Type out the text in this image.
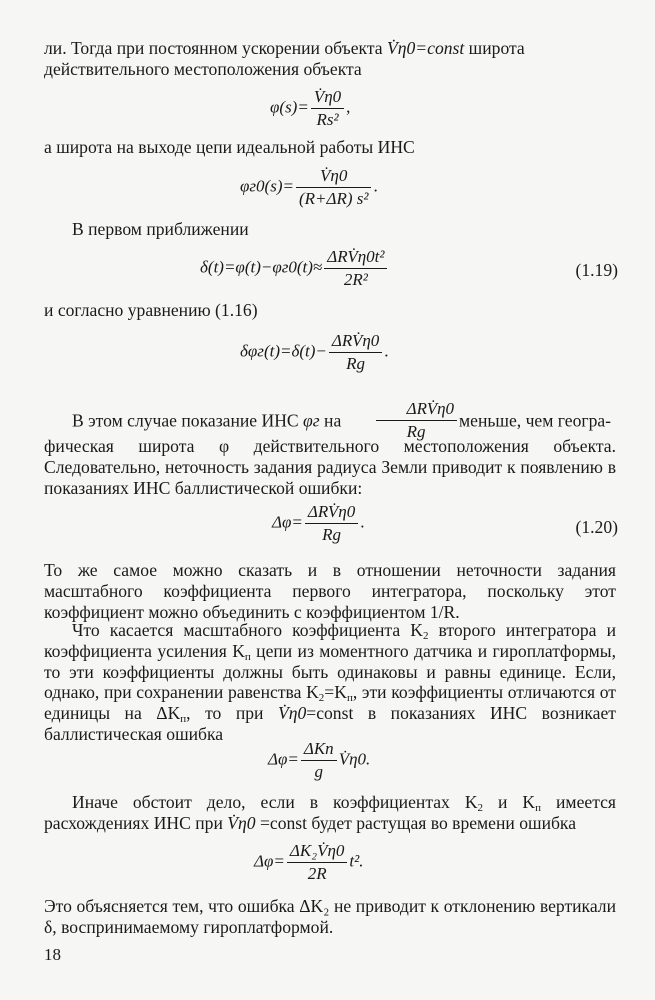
ли. Тогда при постоянном ускорении объекта V̇η0=const широта
действительного местоположения объекта

$\varphi(s)= \frac{V̇\eta 0}{\text{Rs²}}$ ,

а широта на выходе цепи идеальной работы ИНС

$\varphi г0(s)= \frac{V̇\eta 0}{\text{(R+ΔR) s²}}$ .

В первом приближении

$\delta(t)=\varphi(t)-\varphi г0(t)\approx \frac{\text{ΔRV̇η0t²}}{\text{2R²}}$	(1.19)

и согласно уравнению (1.16)

$\delta\varphi г(t)=\delta(t)- \frac{\text{ΔRV̇η0}}{Rg}$ .

В этом случае показание ИНС φг на $\frac{\text{ΔRV̇η0}}{Rg}$ меньше, чем геогра-

фическая широта φ действительного местоположения объекта. Следовательно, неточность задания радиуса Земли приводит к появлению в показаниях ИНС баллистической ошибки:

$\Delta\varphi= \frac{\text{ΔRV̇η0}}{Rg}$ .	(1.20)

То же самое можно сказать и в отношении неточности задания масштабного коэффициента первого интегратора, поскольку этот коэффициент можно объединить с коэффициентом 1/R.

Что касается масштабного коэффициента $K_2$ второго интегратора и коэффициента усиления $K_п$ цепи из моментного датчика и гироплатформы, то эти коэффициенты должны быть одинаковы и равны единице. Если, однако, при сохранении равенства $K_2=K_п$, эти коэффициенты отличаются от единицы на $\Delta K_п$, то при V̇η0=const в показаниях ИНС возникает баллистическая ошибка

$\Delta\varphi= \frac{\text{ΔKп}}{g}$ V̇η0.

Иначе обстоит дело, если в коэффициентах $K_2$ и $K_п$ имеется расхождениях ИНС при V̇η0 =const будет растущая во времени ошибка

$\Delta\varphi= \frac{\text{ΔK₂V̇η0}}{2R} t^2$.

Это объясняется тем, что ошибка ΔK₂ не приводит к отклонению вертикали δ, воспринимаемому гироплатформой.

18
